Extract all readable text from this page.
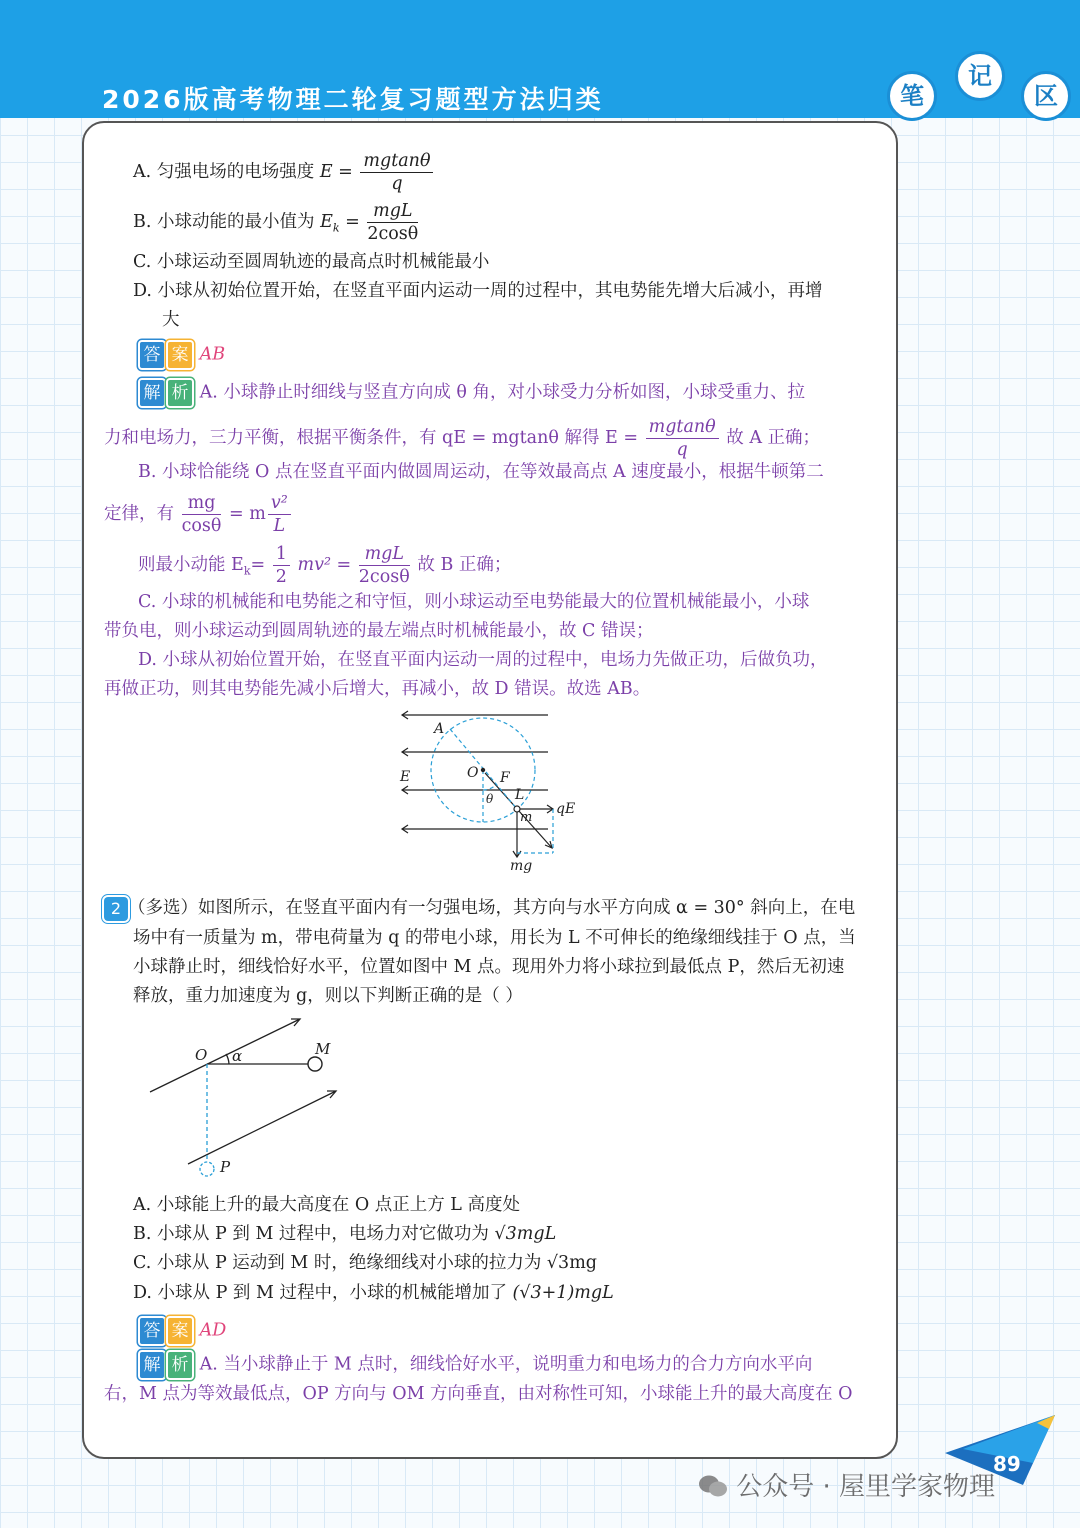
2026版高考物理二轮复习题型方法归类	笔
记
区
A. 匀强电场的电场强度 $E = \frac{mgtan\theta}{q}$
B. 小球动能的最小值为 $E_k = \frac{\text{mgL}}{2\cos\theta}$
C. 小球运动至圆周轨迹的最高点时机械能最小
D. 小球从初始位置开始，在竖直平面内运动一周的过程中，其电势能先增大后减小，再增
大
答 案 AB
解 析 A. 小球静止时细线与竖直方向成 θ 角，对小球受力分析如图，小球受重力、拉
力和电场力，三力平衡，根据平衡条件，有 qE = mgtanθ 解得 $E = \frac{mgtan\theta}{q}$ 故 A 正确；
B. 小球恰能绕 O 点在竖直平面内做圆周运动，在等效最高点 A 速度最小，根据牛顿第二
定律，有 $\frac{mg}{\cos\theta} = m \frac{\text{v²}}{L}$
则最小动能 $E_k= \frac{1}{2} mv^2 = \frac{\text{mgL}}{2\cos\theta}$ 故 B 正确；
C. 小球的机械能和电势能之和守恒，则小球运动至电势能最大的位置机械能最小，小球
带负电，则小球运动到圆周轨迹的最左端点时机械能最小，故 C 错误；
D. 小球从初始位置开始，在竖直平面内运动一周的过程中，电场力先做正功，后做负功，
再做正功，则其电势能先减小后增大，再减小，故 D 错误。故选 AB。
A
E	O F
L
θ
qE
m
mg
2 （多选）如图所示，在竖直平面内有一匀强电场，其方向与水平方向成 α = 30° 斜向上，在电
场中有一质量为 m，带电荷量为 q 的带电小球，用长为 L 不可伸长的绝缘细线挂于 O 点，当
小球静止时，细线恰好水平，位置如图中 M 点。现用外力将小球拉到最低点 P，然后无初速
释放，重力加速度为 g，则以下判断正确的是（ ）
O α	M
P
A. 小球能上升的最大高度在 O 点正上方 L 高度处
B. 小球从 P 到 M 过程中，电场力对它做功为 √3mgL
C. 小球从 P 运动到 M 时，绝缘细线对小球的拉力为 √3mg
D. 小球从 P 到 M 过程中，小球的机械能增加了 (√3+1)mgL
答 案 AD
解 析 A. 当小球静止于 M 点时，细线恰好水平，说明重力和电场力的合力方向水平向
右，M 点为等效最低点，OP 方向与 OM 方向垂直，由对称性可知，小球能上升的最大高度在 O
89
公众号 · 屋里学家物理
